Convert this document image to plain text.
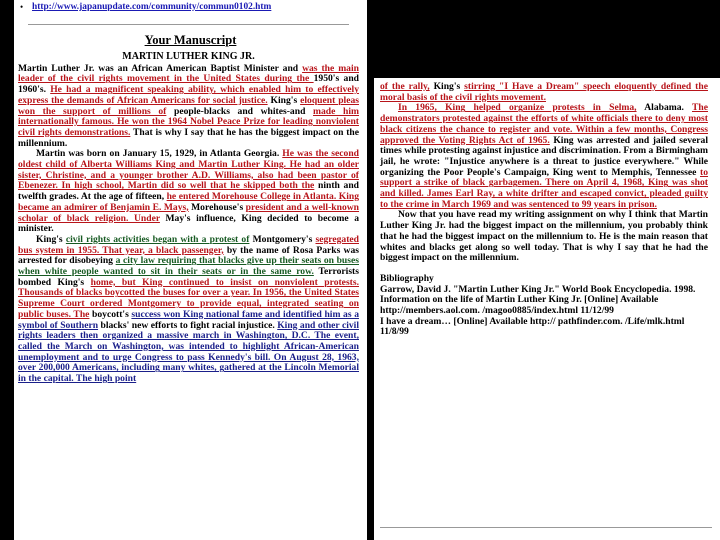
• http://www.japanupdate.com/community/commun0102.htm
Your Manuscript

MARTIN LUTHER KING JR.

Martin Luther Jr. was an African American Baptist Minister and was the main leader of the civil rights movement in the United States during the 1950's and 1960's. He had a magnificent speaking ability, which enabled him to effectively express the demands of African Americans for social justice. King's eloquent pleas won the support of millions of people-blacks and whites-and made him internationally famous. He won the 1964 Nobel Peace Prize for leading nonviolent civil rights demonstrations. That is why I say that he has the biggest impact on the millennium.

Martin was born on January 15, 1929, in Atlanta Georgia. He was the second oldest child of Alberta Williams King and Martin Luther King. He had an older sister, Christine, and a younger brother A.D. Williams, also had been pastor of Ebenezer. In high school, Martin did so well that he skipped both the ninth and twelfth grades. At the age of fifteen, he entered Morehouse College in Atlanta. King became an admirer of Benjamin E. Mays, Morehouse's president and a well-known scholar of black religion. Under May's influence, King decided to become a minister.

King's civil rights activities began with a protest of Montgomery's segregated bus system in 1955. That year, a black passenger, by the name of Rosa Parks was arrested for disobeying a city law requiring that blacks give up their seats on buses when white people wanted to sit in their seats or in the same row. Terrorists bombed King's home, but King continued to insist on nonviolent protests. Thousands of blacks boycotted the buses for over a year. In 1956, the United States Supreme Court ordered Montgomery to provide equal, integrated seating on public buses. The boycott's success won King national fame and identified him as a symbol of Southern blacks' new efforts to fight racial injustice. King and other civil rights leaders then organized a massive march in Washington, D.C. The event, called the March on Washington, was intended to highlight African-American unemployment and to urge Congress to pass Kennedy's bill. On August 28, 1963, over 200,000 Americans, including many whites, gathered at the Lincoln Memorial in the capital. The high point

of the rally, King's stirring "I Have a Dream" speech eloquently defined the moral basis of the civil rights movement.

In 1965, King helped organize protests in Selma, Alabama. The demonstrators protested against the efforts of white officials there to deny most black citizens the chance to register and vote. Within a few months, Congress approved the Voting Rights Act of 1965. King was arrested and jailed several times while protesting against injustice and discrimination. From a Birmingham jail, he wrote: "Injustice anywhere is a threat to justice everywhere." While organizing the Poor People's Campaign, King went to Memphis, Tennessee to support a strike of black garbagemen. There on April 4, 1968, King was shot and killed. James Earl Ray, a white drifter and escaped convict, pleaded guilty to the crime in March 1969 and was sentenced to 99 years in prison.

Now that you have read my writing assignment on why I think that Martin Luther King Jr. had the biggest impact on the millennium, you probably think that he had the biggest impact on the millennium to. He is the main reason that whites and blacks get along so well today. That is why I say that he had the biggest impact on the millennium.

Bibliography

Garrow, David J. "Martin Luther King Jr." World Book Encyclopedia. 1998.

Information on the life of Martin Luther King Jr. [Online] Available http://members.aol.com. /magoo0885/index.html 11/12/99

I have a dream… [Online] Available http:// pathfinder.com. /Life/mlk.html 11/8/99
